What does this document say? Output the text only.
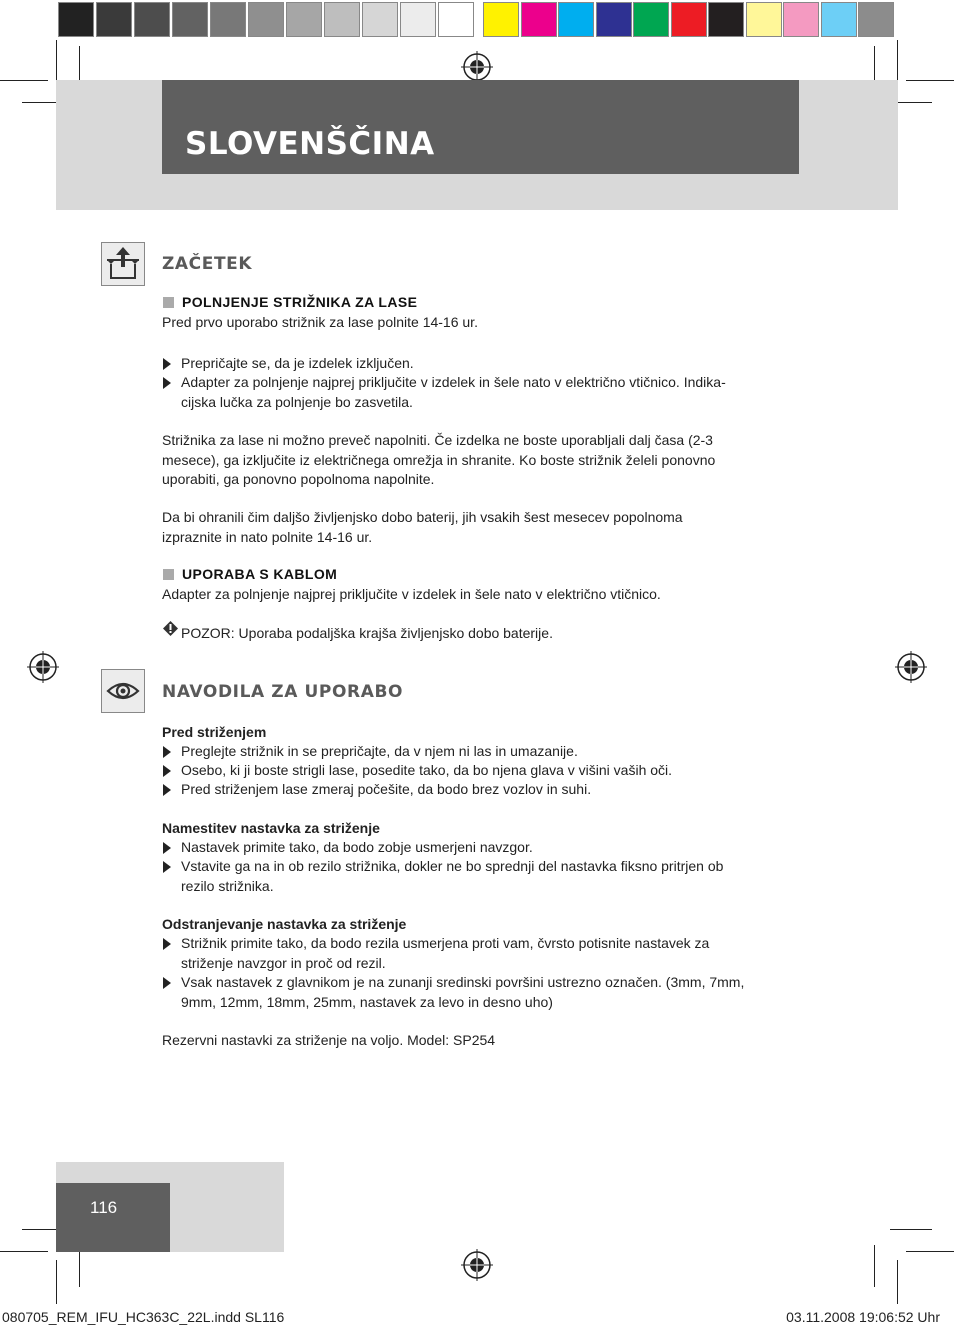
SLOVENŠČINA
ZAČETEK
POLNJENJE STRIŽNIKA ZA LASE
Pred prvo uporabo strižnik za lase polnite 14-16 ur.
Prepričajte se, da je izdelek izključen.
Adapter za polnjenje najprej priključite v izdelek in šele nato v električno vtičnico. Indika-
cijska lučka za polnjenje bo zasvetila.
Strižnika za lase ni možno preveč napolniti. Če izdelka ne boste uporabljali dalj časa (2-3
mesece), ga izključite iz električnega omrežja in shranite. Ko boste strižnik želeli ponovno
uporabiti, ga ponovno popolnoma napolnite.
Da bi ohranili čim daljšo življenjsko dobo baterij, jih vsakih šest mesecev popolnoma
izpraznite in nato polnite 14-16 ur.
UPORABA S KABLOM
Adapter za polnjenje najprej priključite v izdelek in šele nato v električno vtičnico.
POZOR: Uporaba podaljška krajša življenjsko dobo baterije.
NAVODILA ZA UPORABO
Pred striženjem
Preglejte strižnik in se prepričajte, da v njem ni las in umazanije.
Osebo, ki ji boste strigli lase, posedite tako, da bo njena glava v višini vaših oči.
Pred striženjem lase zmeraj počešite, da bodo brez vozlov in suhi.
Namestitev nastavka za striženje
Nastavek primite tako, da bodo zobje usmerjeni navzgor.
Vstavite ga na in ob rezilo strižnika, dokler ne bo sprednji del nastavka fiksno pritrjen ob
rezilo strižnika.
Odstranjevanje nastavka za striženje
Strižnik primite tako, da bodo rezila usmerjena proti vam, čvrsto potisnite nastavek za
striženje navzgor in proč od rezil.
Vsak nastavek z glavnikom je na zunanji sredinski površini ustrezno označen. (3mm, 7mm,
9mm, 12mm, 18mm, 25mm, nastavek za levo in desno uho)
Rezervni nastavki za striženje na voljo. Model: SP254
116
080705_REM_IFU_HC363C_22L.indd SL116	03.11.2008 19:06:52 Uhr
